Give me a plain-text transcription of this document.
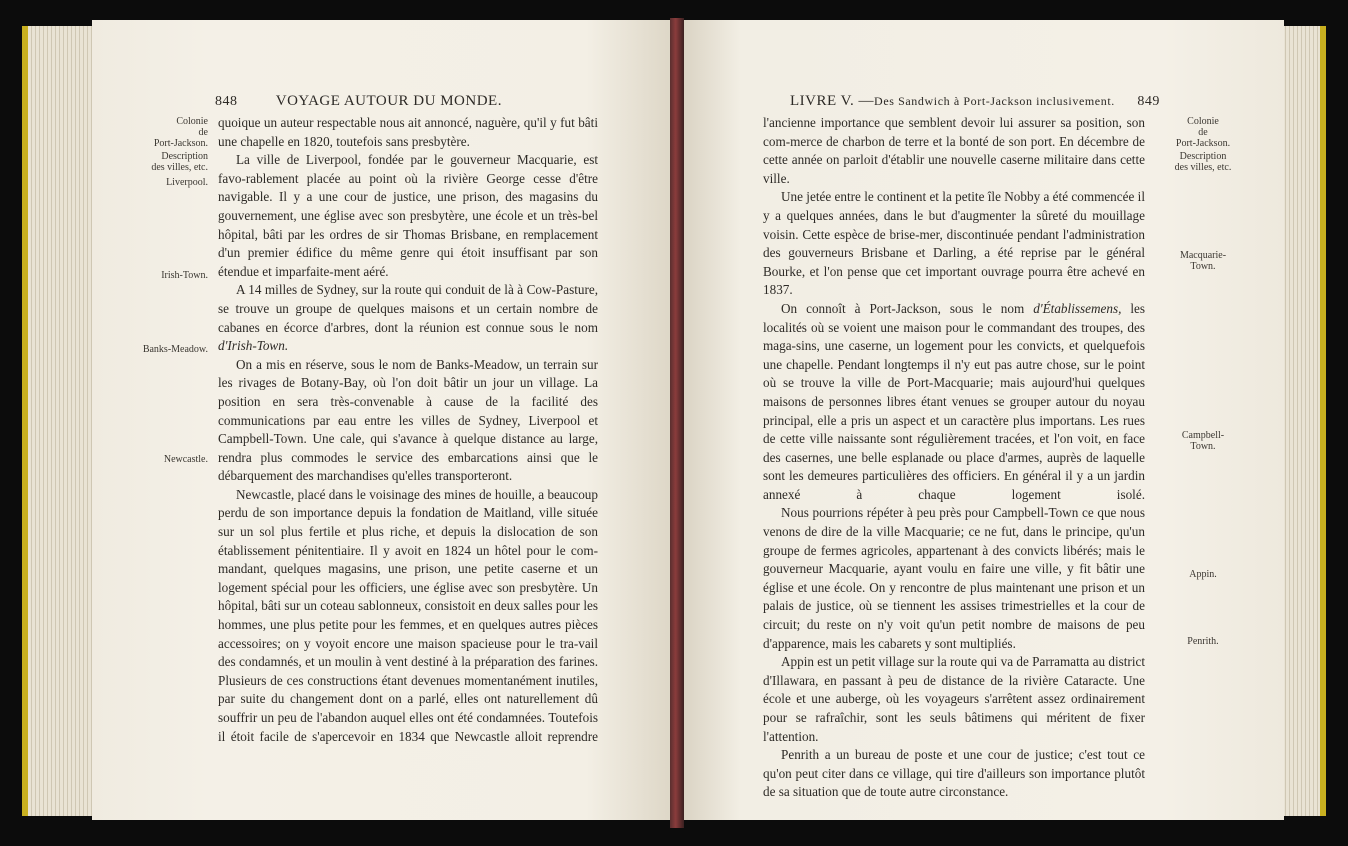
848	VOYAGE AUTOUR DU MONDE.
Colonie
de
Port-Jackson.
Description
des villes, etc.
Liverpool.
Irish-Town.
Banks-Meadow.
Newcastle.

quoique un auteur respectable nous ait annoncé, naguère, qu'il y fut bâti une chapelle en 1820, toutefois sans presbytère.

La ville de Liverpool, fondée par le gouverneur Macquarie, est favo-rablement placée au point où la rivière George cesse d'être navigable. Il y a une cour de justice, une prison, des magasins du gouvernement, une église avec son presbytère, une école et un très-bel hôpital, bâti par les ordres de sir Thomas Brisbane, en remplacement d'un premier édifice du même genre qui étoit insuffisant par son étendue et imparfaite-ment aéré.

A 14 milles de Sydney, sur la route qui conduit de là à Cow-Pasture, se trouve un groupe de quelques maisons et un certain nombre de cabanes en écorce d'arbres, dont la réunion est connue sous le nom

d'Irish-Town.

On a mis en réserve, sous le nom de Banks-Meadow, un terrain sur les rivages de Botany-Bay, où l'on doit bâtir un jour un village. La position en sera très-convenable à cause de la facilité des communications par eau entre les villes de Sydney, Liverpool et Campbell-Town. Une cale, qui s'avance à quelque distance au large, rendra plus commodes le service des embarcations ainsi que le débarquement des marchandises qu'elles transporteront.

Newcastle, placé dans le voisinage des mines de houille, a beaucoup perdu de son importance depuis la fondation de Maitland, ville située sur un sol plus fertile et plus riche, et depuis la dislocation de son établissement pénitentiaire. Il y avoit en 1824 un hôtel pour le com-mandant, quelques magasins, une prison, une petite caserne et un logement spécial pour les officiers, une église avec son presbytère. Un hôpital, bâti sur un coteau sablonneux, consistoit en deux salles pour les hommes, une plus petite pour les femmes, et en quelques autres pièces accessoires; on y voyoit encore une maison spacieuse pour le tra-vail des condamnés, et un moulin à vent destiné à la préparation des farines. Plusieurs de ces constructions étant devenues momentanément inutiles, par suite du changement dont on a parlé, elles ont naturellement dû souffrir un peu de l'abandon auquel elles ont été condamnées. Toutefois il étoit facile de s'apercevoir en 1834 que Newcastle alloit reprendre

LIVRE V. —Des Sandwich à Port-Jackson inclusivement. 849
Colonie
de
Port-Jackson.
Description
des villes, etc.
Macquarie-
Town.
Campbell-
Town.
Appin.
Penrith.

l'ancienne importance que semblent devoir lui assurer sa position, son com-merce de charbon de terre et la bonté de son port. En décembre de cette année on parloit d'établir une nouvelle caserne militaire dans cette ville.

Une jetée entre le continent et la petite île Nobby a été commencée il y a quelques années, dans le but d'augmenter la sûreté du mouillage voisin. Cette espèce de brise-mer, discontinuée pendant l'administration des gouverneurs Brisbane et Darling, a été reprise par le général Bourke, et l'on pense que cet important ouvrage pourra être achevé en 1837.

On connoît à Port-Jackson, sous le nom d'Établissemens, les localités où se voient une maison pour le commandant des troupes, des maga-sins, une caserne, un logement pour les convicts, et quelquefois une chapelle. Pendant longtemps il n'y eut pas autre chose, sur le point où se trouve la ville de Port-Macquarie; mais aujourd'hui quelques maisons de personnes libres étant venues se grouper autour du noyau principal, elle a pris un aspect et un caractère plus importans. Les rues de cette ville naissante sont régulièrement tracées, et l'on voit, en face des casernes, une belle esplanade ou place d'armes, auprès de laquelle sont les demeures particulières des officiers. En général il y a un jardin annexé à chaque logement isolé.

Nous pourrions répéter à peu près pour Campbell-Town ce que nous venons de dire de la ville Macquarie; ce ne fut, dans le principe, qu'un groupe de fermes agricoles, appartenant à des convicts libérés; mais le gouverneur Macquarie, ayant voulu en faire une ville, y fit bâtir une église et une école. On y rencontre de plus maintenant une prison et un palais de justice, où se tiennent les assises trimestrielles et la cour de circuit; du reste on n'y voit qu'un petit nombre de maisons de peu d'apparence, mais les cabarets y sont multipliés.

Appin est un petit village sur la route qui va de Parramatta au district d'Illawara, en passant à peu de distance de la rivière Cataracte. Une école et une auberge, où les voyageurs s'arrêtent assez ordinairement pour se rafraîchir, sont les seuls bâtimens qui méritent de fixer l'attention.

Penrith a un bureau de poste et une cour de justice; c'est tout ce qu'on peut citer dans ce village, qui tire d'ailleurs son importance plutôt de sa situation que de toute autre circonstance.
